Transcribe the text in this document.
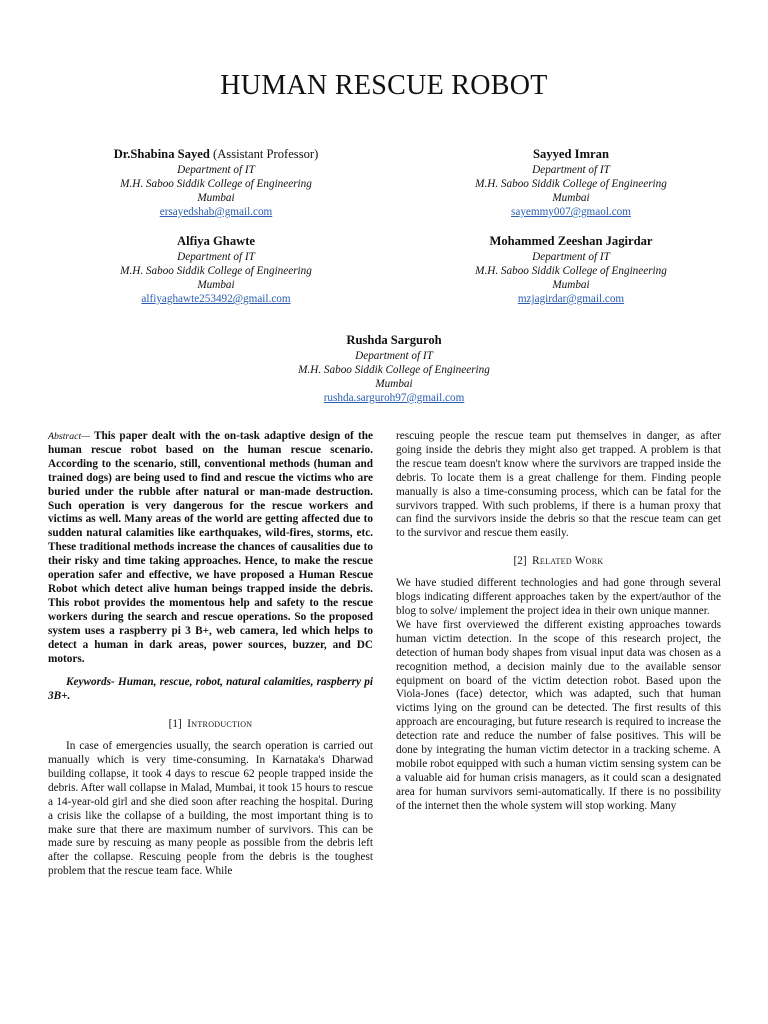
HUMAN RESCUE ROBOT
Dr.Shabina Sayed (Assistant Professor)
Department of IT
M.H. Saboo Siddik College of Engineering
Mumbai
ersayedshab@gmail.com
Sayyed Imran
Department of IT
M.H. Saboo Siddik College of Engineering
Mumbai
sayemmy007@gmaol.com
Alfiya Ghawte
Department of IT
M.H. Saboo Siddik College of Engineering
Mumbai
alfiyaghawte253492@gmail.com
Mohammed Zeeshan Jagirdar
Department of IT
M.H. Saboo Siddik College of Engineering
Mumbai
mzjagirdar@gmail.com
Rushda Sarguroh
Department of IT
M.H. Saboo Siddik College of Engineering
Mumbai
rushda.sarguroh97@gmail.com

Abstract— This paper dealt with the on-task adaptive design of the human rescue robot based on the human rescue scenario. According to the scenario, still, conventional methods (human and trained dogs) are being used to find and rescue the victims who are buried under the rubble after natural or man-made destruction. Such operation is very dangerous for the rescue workers and victims as well. Many areas of the world are getting affected due to sudden natural calamities like earthquakes, wild-fires, storms, etc. These traditional methods increase the chances of causalities due to their risky and time taking approaches. Hence, to make the rescue operation safer and effective, we have proposed a Human Rescue Robot which detect alive human beings trapped inside the debris. This robot provides the momentous help and safety to the rescue workers during the search and rescue operations. So the proposed system uses a raspberry pi 3 B+, web camera, led which helps to detect a human in dark areas, power sources, buzzer, and DC motors.

Keywords- Human, rescue, robot, natural calamities, raspberry pi 3B+.

[1] Introduction

In case of emergencies usually, the search operation is carried out manually which is very time-consuming. In Karnataka's Dharwad building collapse, it took 4 days to rescue 62 people trapped inside the debris. After wall collapse in Malad, Mumbai, it took 15 hours to rescue a 14-year-old girl and she died soon after reaching the hospital. During a crisis like the collapse of a building, the most important thing is to make sure that there are maximum number of survivors. This can be made sure by rescuing as many people as possible from the debris left after the collapse. Rescuing people from the debris is the toughest problem that the rescue team face. While

rescuing people the rescue team put themselves in danger, as after going inside the debris they might also get trapped. A problem is that the rescue team doesn't know where the survivors are trapped inside the debris. To locate them is a great challenge for them. Finding people manually is also a time-consuming process, which can be fatal for the survivors trapped. With such problems, if there is a human proxy that can find the survivors inside the debris so that the rescue team can get to the survivor and rescue them easily.

[2] Related Work

We have studied different technologies and had gone through several blogs indicating different approaches taken by the expert/author of the blog to solve/ implement the project idea in their own unique manner.

We have first overviewed the different existing approaches towards human victim detection. In the scope of this research project, the detection of human body shapes from visual input data was chosen as a recognition method, a decision mainly due to the available sensor equipment on board of the victim detection robot. Based upon the Viola-Jones (face) detector, which was adapted, such that human victims lying on the ground can be detected. The first results of this approach are encouraging, but future research is required to increase the detection rate and reduce the number of false positives. This will be done by integrating the human victim detector in a tracking scheme. A mobile robot equipped with such a human victim sensing system can be a valuable aid for human crisis managers, as it could scan a designated area for human survivors semi-automatically. If there is no possibility of the internet then the whole system will stop working. Many
